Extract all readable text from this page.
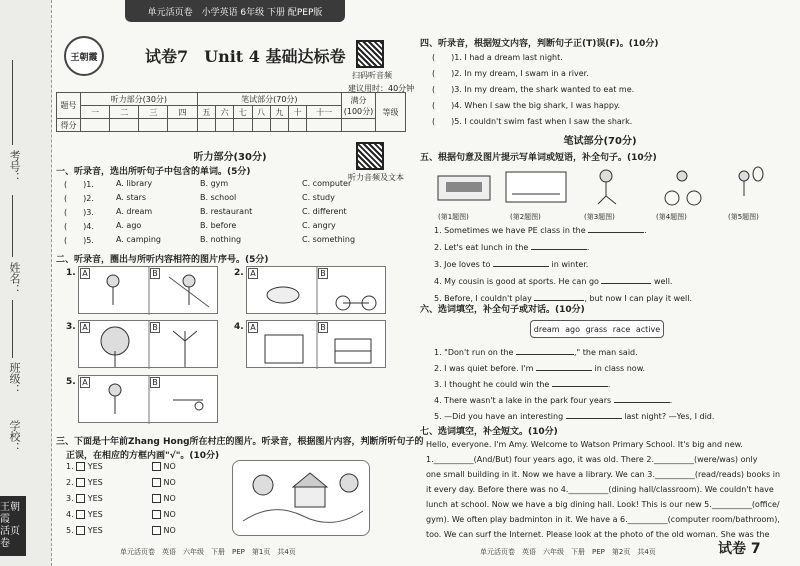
考号：
姓名：
班级：
学校：
王朝霞
活页卷
单元活页卷　小学英语 6年级 下册 配PEP版
王朝霞	试卷7　Unit 4 基础达标卷
扫码听音频
建议用时：40分钟
题号	听力部分(30分)				笔试部分(70分)							满分(100分)	等级
	一	二	三	四	五	六	七	八	九	十	十一		
得分													
听力部分(30分)
听力音频及文本
一、听录音，选出所听句子中包含的单词。(5分)
(　　)1.	A. library	B. gym	C. computer
(　　)2.	A. stars	B. school	C. study
(　　)3.	A. dream	B. restaurant	C. different
(　　)4.	A. ago	B. before	C. angry
(　　)5.	A. camping	B. nothing	C. something
二、听录音，圈出与所听内容相符的图片序号。(5分)
1. A	B	2. A	B
3. A	B	4. A	B
5. A	B
三、下面是十年前Zhang Hong所在村庄的图片。听录音，根据图片内容，判断所听句子的
正误，在相应的方框内画"√"。(10分)
1. YES	NO
2. YES	NO
3. YES	NO
4. YES	NO
5. YES	NO
单元活页卷　英语　六年级　下册　PEP　第1页　共4页
四、听录音，根据短文内容，判断句子正(T)误(F)。(10分)
(　　)1. I had a dream last night.
(　　)2. In my dream, I swam in a river.
(　　)3. In my dream, the shark wanted to eat me.
(　　)4. When I saw the big shark, I was happy.
(　　)5. I couldn't swim fast when I saw the shark.
笔试部分(70分)
五、根据句意及图片提示写单词或短语，补全句子。(10分)
(第1题图)	(第2题图)	(第3题图)	(第4题图)	(第5题图)
1. Sometimes we have PE class in the	.
2. Let's eat lunch in the	.
3. Joe loves to	in winter.
4. My cousin is good at sports. He can go	well.
5. Before, I couldn't play	, but now I can play it well.
六、选词填空，补全句子或对话。(10分)
dream ago grass race active
1. "Don't run on the	," the man said.
2. I was quiet before. I'm	in class now.
3. I thought he could win the	.
4. There wasn't a lake in the park four years	.
5. —Did you have an interesting	last night? —Yes, I did.
七、选词填空，补全短文。(10分)
Hello, everyone. I'm Amy. Welcome to Watson Primary School. It's big and new.
1.__________(And/But) four years ago, it was old. There 2.__________(were/was) only
one small building in it. Now we have a library. We can 3.__________(read/reads) books in
it every day. Before there was no 4.__________(dining hall/classroom). We couldn't have
lunch at school. Now we have a big dining hall. Look! This is our new 5.__________(office/
gym). We often play badminton in it. We have a 6.__________(computer room/bathroom),
too. We can surf the Internet. Please look at the photo of the old woman. She was the
单元活页卷　英语　六年级　下册　PEP　第2页　共4页	试卷 7
